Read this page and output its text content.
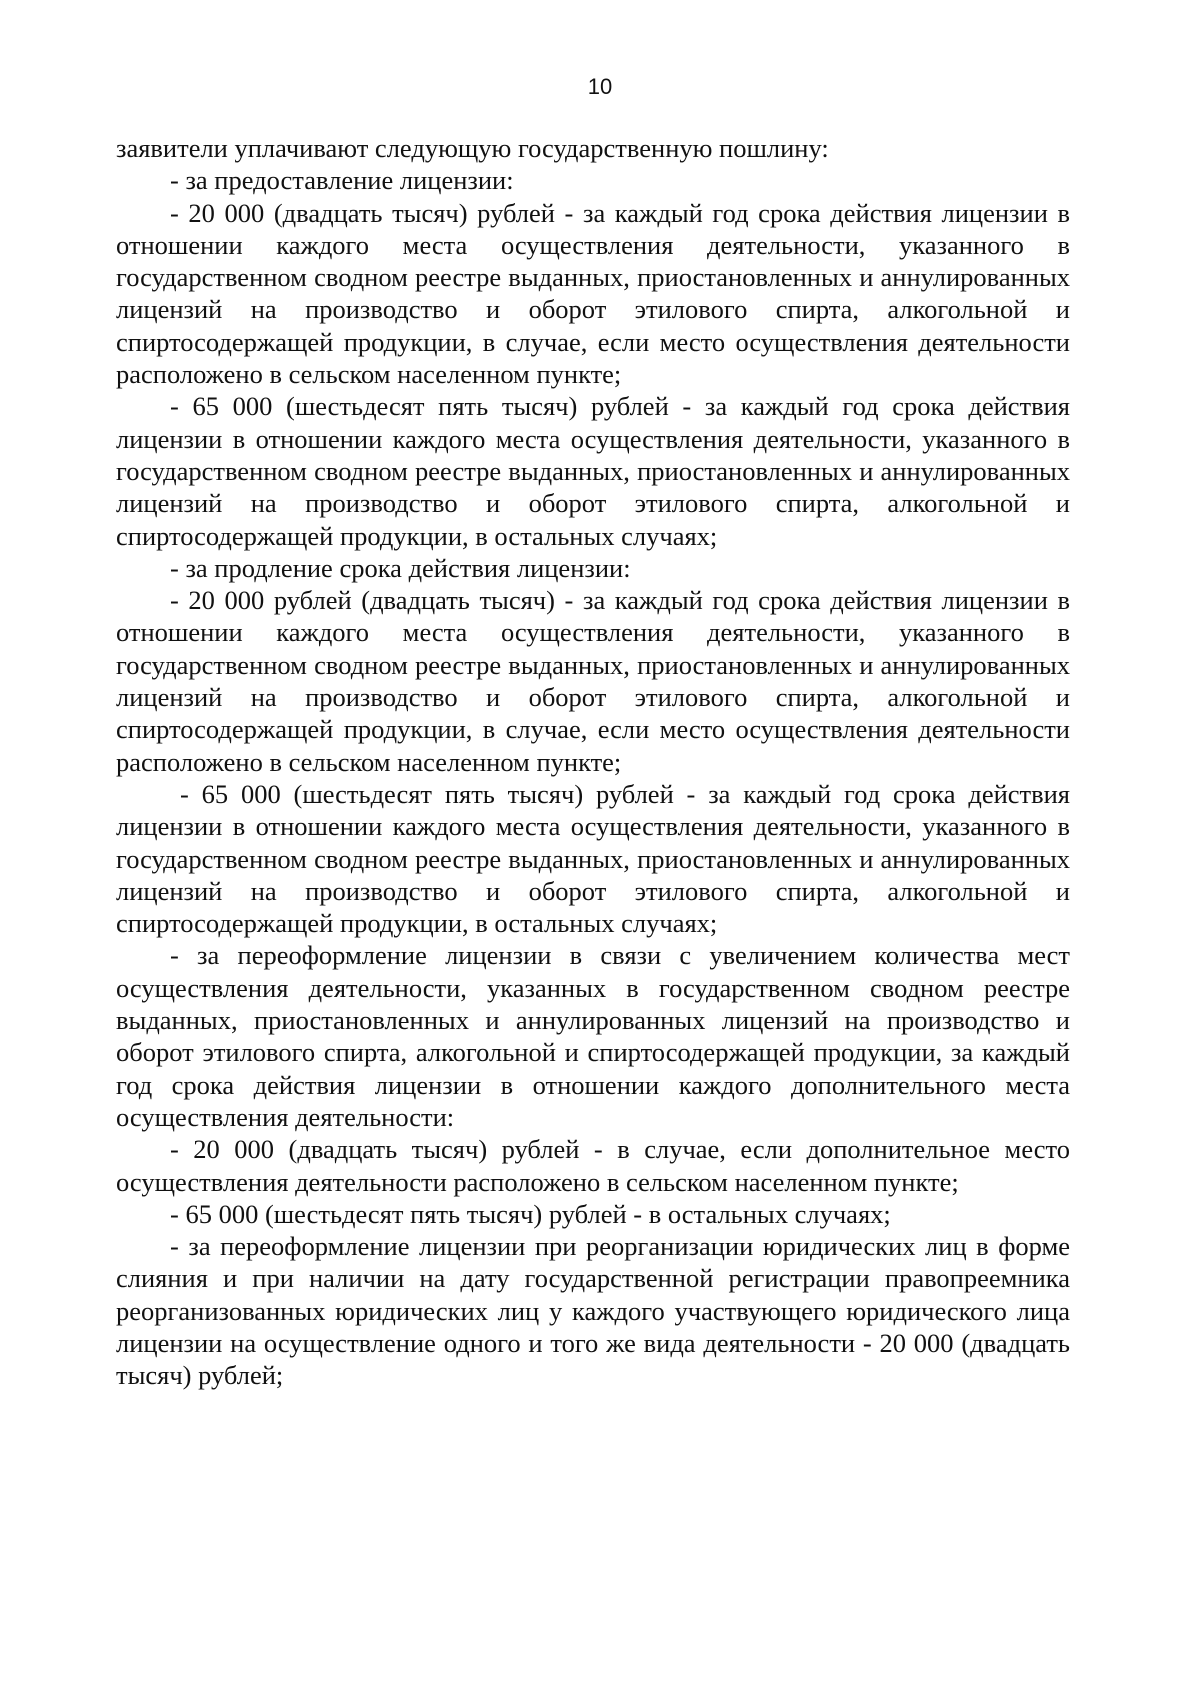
10

заявители уплачивают следующую государственную пошлину:

- за предоставление лицензии:

- 20 000 (двадцать тысяч) рублей - за каждый год срока действия лицензии в отношении каждого места осуществления деятельности, указанного в государственном сводном реестре выданных, приостановленных и аннулированных лицензий на производство и оборот этилового спирта, алкогольной и спиртосодержащей продукции, в случае, если место осуществления деятельности расположено в сельском населенном пункте;

- 65 000 (шестьдесят пять тысяч) рублей - за каждый год срока действия лицензии в отношении каждого места осуществления деятельности, указанного в государственном сводном реестре выданных, приостановленных и аннулированных лицензий на производство и оборот этилового спирта, алкогольной и спиртосодержащей продукции, в остальных случаях;

- за продление срока действия лицензии:

- 20 000 рублей (двадцать тысяч) - за каждый год срока действия лицензии в отношении каждого места осуществления деятельности, указанного в государственном сводном реестре выданных, приостановленных и аннулированных лицензий на производство и оборот этилового спирта, алкогольной и спиртосодержащей продукции, в случае, если место осуществления деятельности расположено в сельском населенном пункте;

- 65 000 (шестьдесят пять тысяч) рублей - за каждый год срока действия лицензии в отношении каждого места осуществления деятельности, указанного в государственном сводном реестре выданных, приостановленных и аннулированных лицензий на производство и оборот этилового спирта, алкогольной и спиртосодержащей продукции, в остальных случаях;

- за переоформление лицензии в связи с увеличением количества мест осуществления деятельности, указанных в государственном сводном реестре выданных, приостановленных и аннулированных лицензий на производство и оборот этилового спирта, алкогольной и спиртосодержащей продукции, за каждый год срока действия лицензии в отношении каждого дополнительного места осуществления деятельности:

- 20 000 (двадцать тысяч) рублей - в случае, если дополнительное место осуществления деятельности расположено в сельском населенном пункте;

- 65 000 (шестьдесят пять тысяч) рублей - в остальных случаях;

- за переоформление лицензии при реорганизации юридических лиц в форме слияния и при наличии на дату государственной регистрации правопреемника реорганизованных юридических лиц у каждого участвующего юридического лица лицензии на осуществление одного и того же вида деятельности - 20 000 (двадцать тысяч) рублей;
